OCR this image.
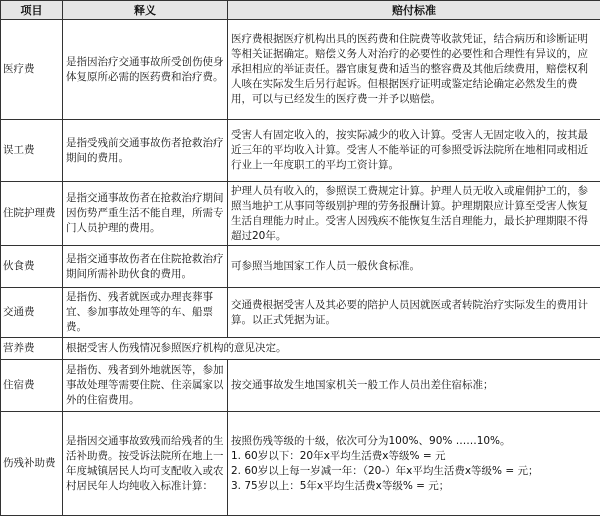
项目	释义	赔付标准
医疗费	是指因治疗交通事故所受创伤使身体复原所必需的医药费和治疗费。	医疗费根据医疗机构出具的医药费和住院费等收款凭证，结合病历和诊断证明等相关证据确定。赔偿义务人对治疗的必要性的必要性和合理性有异议的，应承担相应的举证责任。器官康复费和适当的整容费及其他后续费用，赔偿权利人咳在实际发生后另行起诉。但根据医疗证明或鉴定结论确定必然发生的费用，可以与已经发生的医疗费一并予以赔偿。
误工费	是指受残前交通事故伤者抢救治疗期间的费用。	受害人有固定收入的，按实际减少的收入计算。受害人无固定收入的，按其最近三年的平均收入计算。受害人不能举证的可参照受诉法院所在地相同或相近行业上一年度职工的平均工资计算。
住院护理费	是指交通事故伤者在抢救治疗期间因伤势严重生活不能自理，所需专门人员护理的费用。	护理人员有收入的，参照误工费规定计算。护理人员无收入或雇佣护工的，参照当地护工从事同等级别护理的劳务报酬计算。护理期限应计算至受害人恢复生活自理能力时止。受害人因残疾不能恢复生活自理能力，最长护理期限不得超过20年。
伙食费	是指交通事故伤者在住院抢救治疗期间所需补助伙食的费用。	可参照当地国家工作人员一般伙食标准。
交通费	是指伤、残者就医或办理丧葬事宜、参加事故处理等的车、船票费。	交通费根据受害人及其必要的陪护人员因就医或者转院治疗实际发生的费用计算。以正式凭据为证。
营养费	根据受害人伤残情况参照医疗机构的意见决定。	
住宿费	是指伤、残者到外地就医等，参加事故处理等需要住院、住亲属家以外的住宿费用。	按交通事故发生地国家机关一般工作人员出差住宿标准；
伤残补助费	是指因交通事故致残而给残者的生活补助费。按受诉法院所在地上一年度城镇居民人均可支配收入或农村居民年人均纯收入标准计算：	按照伤残等级的十级，依次可分为100%、90% ……10%。
1. 60岁以下：20年x平均生活费x等级% = 元
2. 60岁以上每一岁减一年：（20-）年x平均生活费x等级% = 元；
3. 75岁以上：5年x平均生活费x等级% = 元；
